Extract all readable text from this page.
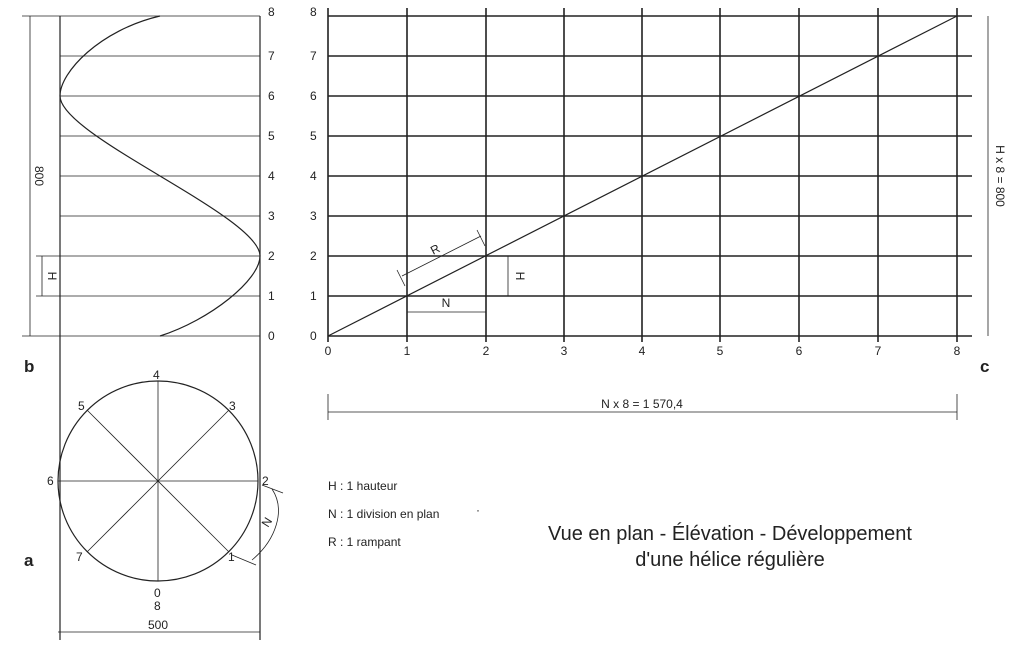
800
H
0
1
2
3
4
5
6
7
8
b
0
8
1
2
3
4
5
6
7
N
500
a
0
1
2
3
4
5
6
7
8
0	1	2	3	4	5	6	7	8
R
N
H
H x 8 = 800
N x 8 = 1 570,4
c
H : 1 hauteur
N : 1 division en plan	·
R : 1 rampant	Vue en plan - Élévation - Développement
d'une hélice régulière
